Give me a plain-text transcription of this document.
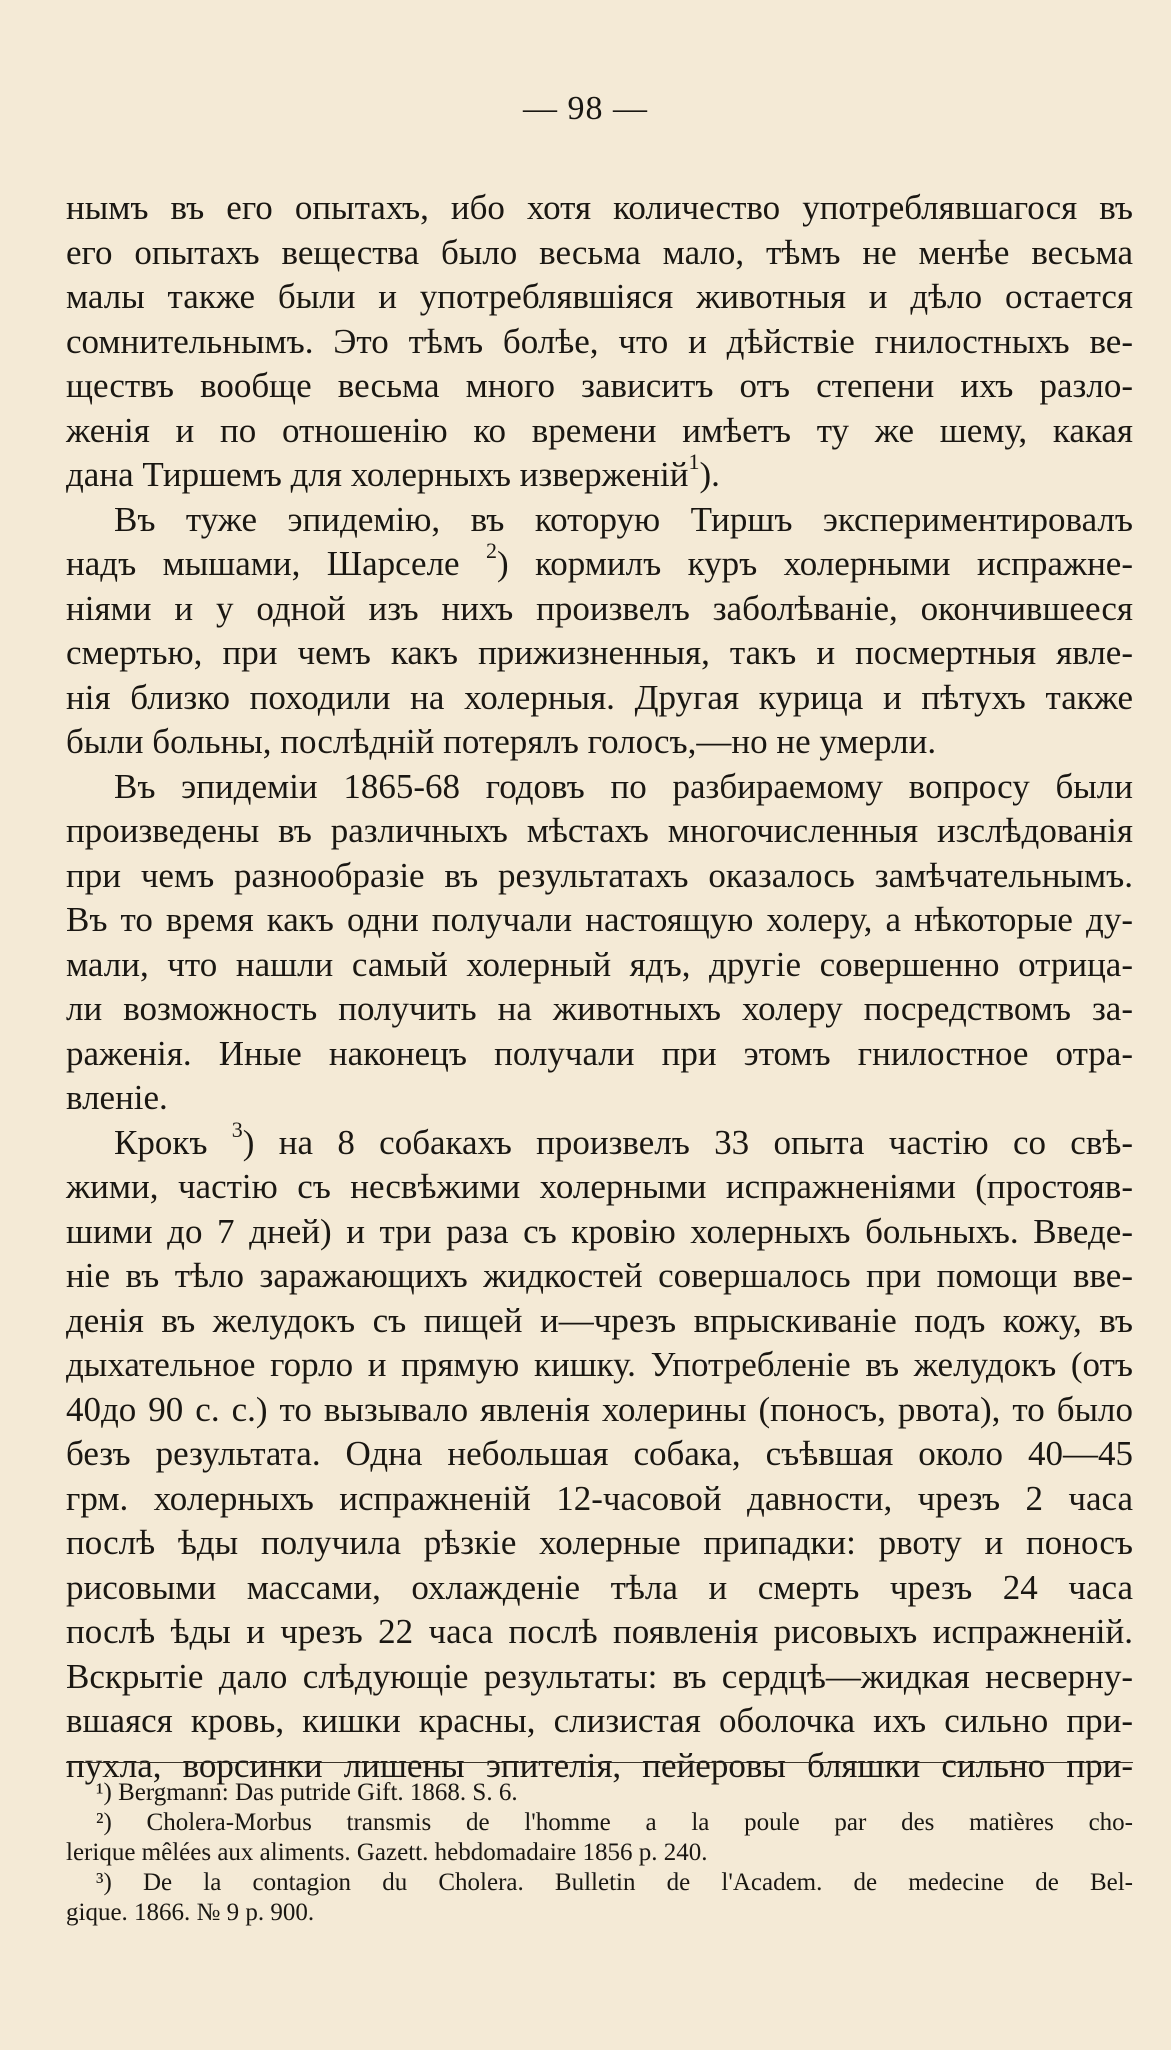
— 98 —
нымъ въ его опытахъ, ибо хотя количество употреблявшагося въ
его опытахъ вещества было весьма мало, тѣмъ не менѣе весьма
малы также были и употреблявшіяся животныя и дѣло остается
сомнительнымъ. Это тѣмъ болѣе, что и дѣйствіе гнилостныхъ ве-
ществъ вообще весьма много зависитъ отъ степени ихъ разло-
женія и по отношенію ко времени имѣетъ ту же шему, какая
дана Тиршемъ для холерныхъ извержeній$^1$).
Въ туже эпидемію, въ которую Тиршъ экспериментировалъ
надъ мышами, Шарселе $^2$) кормилъ куръ холерными испражне-
ніями и у одной изъ нихъ произвелъ заболѣваніе, окончившееся
смертью, при чемъ какъ прижизненныя, такъ и посмертныя явле-
нія близко походили на холерныя. Другая курица и пѣтухъ также
были больны, послѣдній потерялъ голосъ,—но не умерли.
Въ эпидеміи 1865-68 годовъ по разбираемому вопросу были
произведены въ различныхъ мѣстахъ многочисленныя изслѣдованія
при чемъ разнообразіе въ результатахъ оказалось замѣчательнымъ.
Въ то время какъ одни получали настоящую холеру, а нѣкоторые ду-
мали, что нашли самый холерный ядъ, другіе совершенно отрица-
ли возможность получить на животныхъ холеру посредствомъ за-
раженія. Иные наконецъ получали при этомъ гнилостное отра-
вленіе.
Крокъ $^3$) на 8 собакахъ произвелъ 33 опыта частію со свѣ-
жими, частію съ несвѣжими холерными испражненіями (простояв-
шими до 7 дней) и три раза съ кровію холерныхъ больныхъ. Введе-
ніе въ тѣло заражающихъ жидкостей совершалось при помощи вве-
денія въ желудокъ съ пищей и—чрезъ впрыскиваніе подъ кожу, въ
дыхательное горло и прямую кишку. Употребленіе въ желудокъ (отъ
40до 90 с. с.) то вызывало явленія холерины (поносъ, рвота), то было
безъ результата. Одна небольшая собака, съѣвшая около 40—45
грм. холерныхъ испражненій 12-часовой давности, чрезъ 2 часа
послѣ ѣды получила рѣзкіе холерные припадки: рвоту и поносъ
рисовыми массами, охлажденіе тѣла и смерть чрезъ 24 часа
послѣ ѣды и чрезъ 22 часа послѣ появленія рисовыхъ испражненій.
Вскрытіе дало слѣдующіе результаты: въ сердцѣ—жидкая несверну-
вшаяся кровь, кишки красны, слизистая оболочка ихъ сильно при-
пухла, ворсинки лишены эпителія, пейеровы бляшки сильно при-
¹) Bergmann: Das putride Gift. 1868. S. 6.
²) Cholera-Morbus transmis de l'homme a la poule par des matières cho-
lerique mêlées aux aliments. Gazett. hebdomadaire 1856 p. 240.
³) De la contagion du Cholera. Bulletin de l'Academ. de medecine de Bel-
gique. 1866. № 9 p. 900.
